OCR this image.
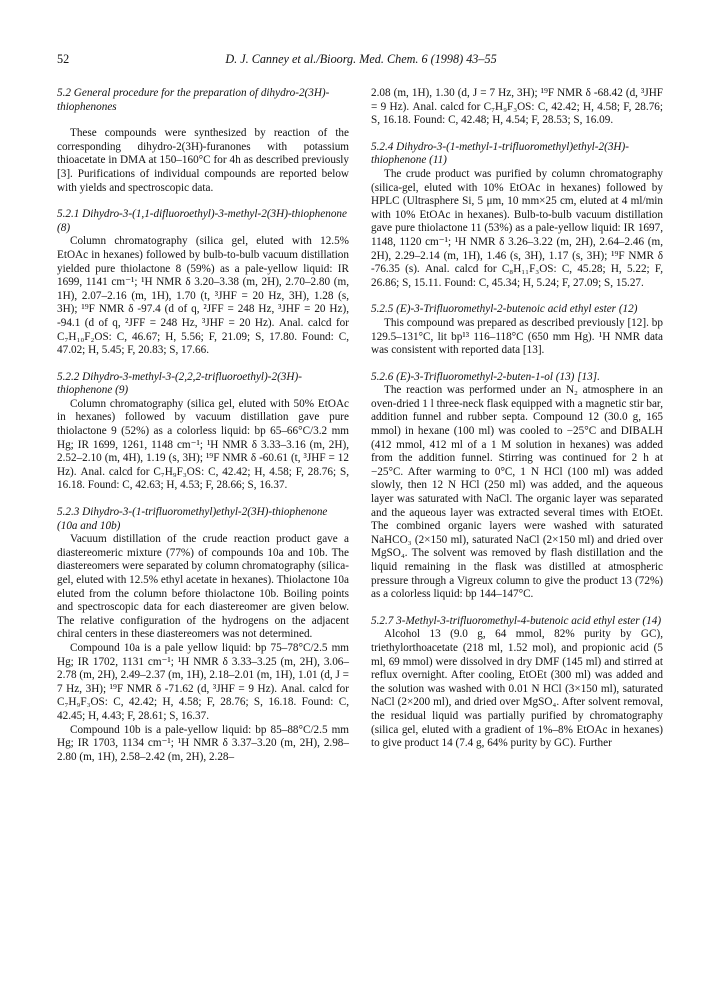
52	D. J. Canney et al./Bioorg. Med. Chem. 6 (1998) 43–55
5.2 General procedure for the preparation of dihydro-2(3H)-thiophenones

These compounds were synthesized by reaction of the corresponding dihydro-2(3H)-furanones with potassium thioacetate in DMA at 150–160°C for 4h as described previously [3]. Purifications of individual compounds are reported below with yields and spectroscopic data.

5.2.1 Dihydro-3-(1,1-difluoroethyl)-3-methyl-2(3H)-thiophenone (8)

Column chromatography (silica gel, eluted with 12.5% EtOAc in hexanes) followed by bulb-to-bulb vacuum distillation yielded pure thiolactone 8 (59%) as a pale-yellow liquid: IR 1699, 1141 cm⁻¹; ¹H NMR δ 3.20–3.38 (m, 2H), 2.70–2.80 (m, 1H), 2.07–2.16 (m, 1H), 1.70 (t, ³JHF = 20 Hz, 3H), 1.28 (s, 3H); ¹⁹F NMR δ -97.4 (d of q, ²JFF = 248 Hz, ³JHF = 20 Hz), -94.1 (d of q, ²JFF = 248 Hz, ³JHF = 20 Hz). Anal. calcd for C₇H₁₀F₂OS: C, 46.67; H, 5.56; F, 21.09; S, 17.80. Found: C, 47.02; H, 5.45; F, 20.83; S, 17.66.

5.2.2 Dihydro-3-methyl-3-(2,2,2-trifluoroethyl)-2(3H)-thiophenone (9)

Column chromatography (silica gel, eluted with 50% EtOAc in hexanes) followed by vacuum distillation gave pure thiolactone 9 (52%) as a colorless liquid: bp 65–66°C/3.2 mm Hg; IR 1699, 1261, 1148 cm⁻¹; ¹H NMR δ 3.33–3.16 (m, 2H), 2.52–2.10 (m, 4H), 1.19 (s, 3H); ¹⁹F NMR δ -60.61 (t, ³JHF = 12 Hz). Anal. calcd for C₇H₉F₃OS: C, 42.42; H, 4.58; F, 28.76; S, 16.18. Found: C, 42.63; H, 4.53; F, 28.66; S, 16.37.

5.2.3 Dihydro-3-(1-trifluoromethyl)ethyl-2(3H)-thiophenone (10a and 10b)

Vacuum distillation of the crude reaction product gave a diastereomeric mixture (77%) of compounds 10a and 10b. The diastereomers were separated by column chromatography (silica-gel, eluted with 12.5% ethyl acetate in hexanes). Thiolactone 10a eluted from the column before thiolactone 10b. Boiling points and spectroscopic data for each diastereomer are given below. The relative configuration of the hydrogens on the adjacent chiral centers in these diastereomers was not determined.

Compound 10a is a pale yellow liquid: bp 75–78°C/2.5 mm Hg; IR 1702, 1131 cm⁻¹; ¹H NMR δ 3.33–3.25 (m, 2H), 3.06–2.78 (m, 2H), 2.49–2.37 (m, 1H), 2.18–2.01 (m, 1H), 1.01 (d, J = 7 Hz, 3H); ¹⁹F NMR δ -71.62 (d, ³JHF = 9 Hz). Anal. calcd for C₇H₉F₃OS: C, 42.42; H, 4.58; F, 28.76; S, 16.18. Found: C, 42.45; H, 4.43; F, 28.61; S, 16.37.

Compound 10b is a pale-yellow liquid: bp 85–88°C/2.5 mm Hg; IR 1703, 1134 cm⁻¹; ¹H NMR δ 3.37–3.20 (m, 2H), 2.98–2.80 (m, 1H), 2.58–2.42 (m, 2H), 2.28–

2.08 (m, 1H), 1.30 (d, J = 7 Hz, 3H); ¹⁹F NMR δ -68.42 (d, ³JHF = 9 Hz). Anal. calcd for C₇H₉F₃OS: C, 42.42; H, 4.58; F, 28.76; S, 16.18. Found: C, 42.48; H, 4.54; F, 28.53; S, 16.09.

5.2.4 Dihydro-3-(1-methyl-1-trifluoromethyl)ethyl-2(3H)-thiophenone (11)

The crude product was purified by column chromatography (silica-gel, eluted with 10% EtOAc in hexanes) followed by HPLC (Ultrasphere Si, 5 μm, 10 mm×25 cm, eluted at 4 ml/min with 10% EtOAc in hexanes). Bulb-to-bulb vacuum distillation gave pure thiolactone 11 (53%) as a pale-yellow liquid: IR 1697, 1148, 1120 cm⁻¹; ¹H NMR δ 3.26–3.22 (m, 2H), 2.64–2.46 (m, 2H), 2.29–2.14 (m, 1H), 1.46 (s, 3H), 1.17 (s, 3H); ¹⁹F NMR δ -76.35 (s). Anal. calcd for C₈H₁₁F₃OS: C, 45.28; H, 5.22; F, 26.86; S, 15.11. Found: C, 45.34; H, 5.24; F, 27.09; S, 15.27.

5.2.5 (E)-3-Trifluoromethyl-2-butenoic acid ethyl ester (12)

This compound was prepared as described previously [12]. bp 129.5–131°C, lit bp¹³ 116–118°C (650 mm Hg). ¹H NMR data was consistent with reported data [13].

5.2.6 (E)-3-Trifluoromethyl-2-buten-1-ol (13) [13].

The reaction was performed under an N₂ atmosphere in an oven-dried 1 l three-neck flask equipped with a magnetic stir bar, addition funnel and rubber septa. Compound 12 (30.0 g, 165 mmol) in hexane (100 ml) was cooled to −25°C and DIBALH (412 mmol, 412 ml of a 1 M solution in hexanes) was added from the addition funnel. Stirring was continued for 2 h at −25°C. After warming to 0°C, 1 N HCl (100 ml) was added slowly, then 12 N HCl (250 ml) was added, and the aqueous layer was saturated with NaCl. The organic layer was separated and the aqueous layer was extracted several times with EtOEt. The combined organic layers were washed with saturated NaHCO₃ (2×150 ml), saturated NaCl (2×150 ml) and dried over MgSO₄. The solvent was removed by flash distillation and the liquid remaining in the flask was distilled at atmospheric pressure through a Vigreux column to give the product 13 (72%) as a colorless liquid: bp 144–147°C.

5.2.7 3-Methyl-3-trifluoromethyl-4-butenoic acid ethyl ester (14)

Alcohol 13 (9.0 g, 64 mmol, 82% purity by GC), triethylorthoacetate (218 ml, 1.52 mol), and propionic acid (5 ml, 69 mmol) were dissolved in dry DMF (145 ml) and stirred at reflux overnight. After cooling, EtOEt (300 ml) was added and the solution was washed with 0.01 N HCl (3×150 ml), saturated NaCl (2×200 ml), and dried over MgSO₄. After solvent removal, the residual liquid was partially purified by chromatography (silica gel, eluted with a gradient of 1%–8% EtOAc in hexanes) to give product 14 (7.4 g, 64% purity by GC). Further
